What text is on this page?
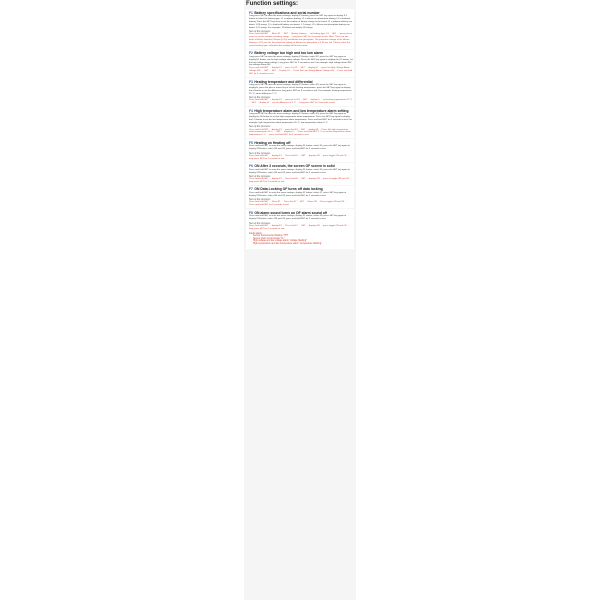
Function settings:
F1 Battery specifications and serial number
Long press SET to enter the menu settings, display F1 button, press the SET key again to display 3-1 button to select the battery type. L1 = polymer battery, L2 = lithium iron phosphate battery, L3 = lead-acid battery. Press the SET key once to set the number of battery strings to be tested. L1 = polymer battery can detect 1-28 strings, L2 = lead-acid battery can detect 1-7 strings, L3 = lithium iron phosphate battery can detect 1-27 strings. For example: 12 lithium iron battery 28 strings.
Set up the process:
Press and hold SET → Menu F1 → SET → Battery Options → set battery type 1-3 → SET → press plus or minus to set the number of battery strings → long press SET for 3 seconds to exit. Note: There are two kinds of lithium batteries: lithium (Li-Po) and lithium iron phosphate. The protection voltage of the lithium battery is 4.2V per cell; the protection voltage of lithium iron phosphate is 3.6V per cell. Please select the correct battery type, otherwise the reading will be inaccurate.
F2 Battery voltage too high and too low alarm
Long press SET to enter the menu settings, display F1 button, select F2, press the SET key again to display H1 button, set the high voltage alarm voltage. Press the SET key again to display the LO button, set the low voltage alarm voltage. Long press SET for 3 seconds to exit. For example: high voltage alarm 48V, low voltage alarm 44V.
Press and hold SET → display F1 → press 1st F2 → SET → display HI → press Set High Voltage Alarm Voltage 48V → SET → SET → Display LO → Press Set Low Voltage Alarm Voltage 44V → Press and hold SET for 3 seconds to exit.
F3 Heating temperature and differential
Long press SET to enter the menu settings, display F1 button, select F3, press the SET key again to display H, press the plus or minus key to set the heating temperature, press the SET key again to display the td button to set the difference, long press SET for 3 seconds to exit. For example: heating temperature 25 °C, return difference 2 °C.
Set up the process:
Press and hold SET → display F1 → press to set F3 → SET → display h → set heating temperature 25 °C → SET → display td → set the difference of 2 °C → long press SET for 3 seconds to exit.
F4 High temperature alarm and low temperature alarm setting
Long press SET to enter the menu settings, display F1 button, select F4, press the SET key again to display the H1 button to set the high temperature alarm temperature. Press the SET key again to display the LO button to set the low temperature alarm temperature. Press and hold SET for 3 seconds to exit. For example: high temperature alarm temperature 45 °C, low temperature alarm 0 °C.
Set up the process:
Press and hold SET → display F1 → press Set F4 → SET → display HI → Press Set high temperature alarm temperature 45 °C → SET → display LO → Press and hold SET 0 °C as set low temperature alarm temperature 0 °C → press and hold SET for 3 seconds to exit.
F5 Heating on Heating off
Press and hold SET to enter the menu settings, display F1 button, select F5, press the SET key again to display ON button, select ON and OF, press and hold SET for 3 seconds to exit.
Set up the process:
Press and hold SET → display F1 → Press Set F5 → SET → display ON → press toggle ON and OF → long press SET for 3 seconds to exit.
F6 ON After 3 seconds, the screen OF screen is solid
Press and hold SET to enter the menu settings, display F1 button, select F6, press the SET key again to display ON button, select ON and OF, press and hold SET for 3 seconds to exit.
Set up the process:
Press and hold SET → display F1 → Press Set F6 → SET → display ON → press to toggle ON and OF → long press SET for 3 seconds to exit.
F7 ON Data Locking OF turns off data locking
Press and hold SET to enter the menu settings, display F1 button, select F7, press SET key again to display ON button, select ON and OF, press and hold SET for 3 seconds to exit.
Set up the process:
Press and hold SET → Show F1 → Press Set F7 → SET → Show ON → Press toggle ON and OF → Press and hold SET for 3 seconds to exit.
F8 ON alarm sound turns on OF alarm sound off
Press and hold SET to enter the menu settings, display F1 button, select F8, press SET key again to display ON button, select ON and OF, press and hold SET for 3 seconds to exit.
Set up the process:
Press and hold SET → display F1 → Press Set F7 → SET → display ON → press toggle ON and OF → long press SET for 3 seconds to exit.
Fault alarm:
Sensor disconnected Display "HH"
Sensor short circuit shows "LL"
High voltage and low voltage alarm "voltage flashing"
High temperature and low temperature alarm "temperature flashing"
